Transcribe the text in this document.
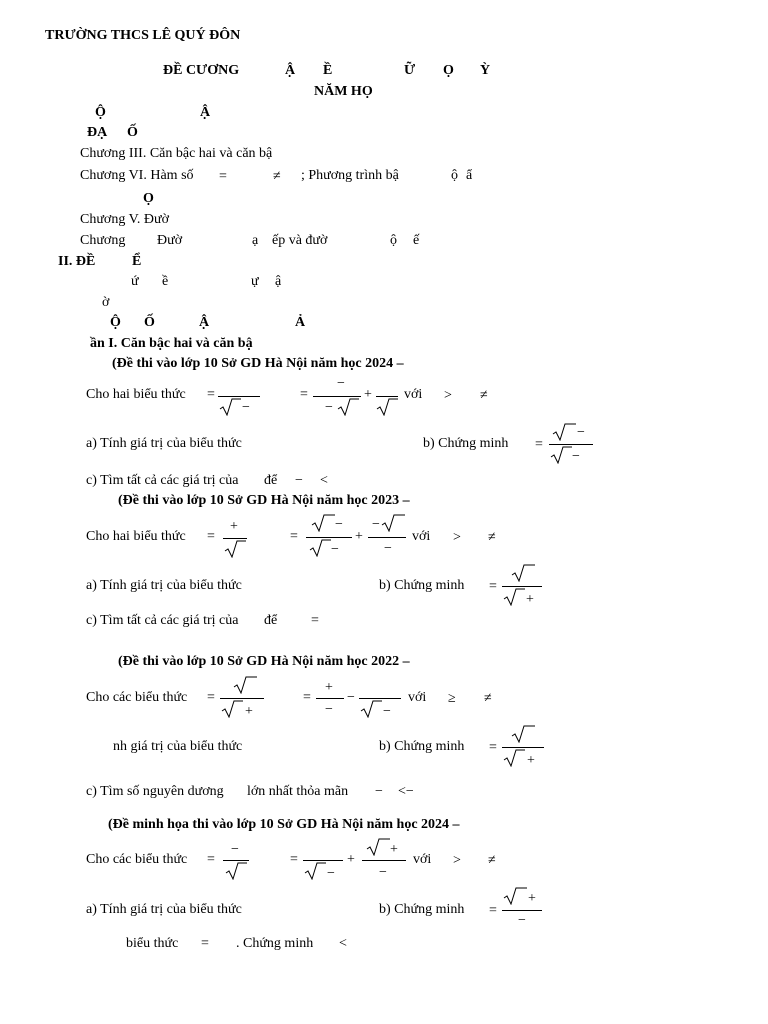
TRƯỜNG THCS LÊ QUÝ ĐÔN
ĐỀ CƯƠNG	Ậ Ề	Ữ Ọ Ỳ
NĂM HỌ
Ộ	Ậ
ĐẠ Ố
Chương III. Căn bậc hai và căn bậ
Chương VI. Hàm số =	≠ ; Phương trình bậ	ộ ẩ
Ọ
Chương V. Đườ
Chương Đườ	ạ ếp và đườ	ộ ế
II. ĐỀ	Ể
ứ ề	ự ậ
ờ
Ộ Ố	Ậ	Ả
ần I. Căn bậc hai và căn bậ
(Đề thi vào lớp 10 Sở GD Hà Nội năm học 2024 –
Cho hai biểu thức =
−
=
−
−
+ với > ≠
a) Tính giá trị của biểu thức	b) Chứng minh =
−
−
c) Tìm tất cả các giá trị của để − <
(Đề thi vào lớp 10 Sở GD Hà Nội năm học 2023 –
Cho hai biểu thức =
+
=
−
−
+
−
−
với > ≠
a) Tính giá trị của biểu thức	b) Chứng minh =
+
c) Tìm tất cả các giá trị của để =
(Đề thi vào lớp 10 Sở GD Hà Nội năm học 2022 –
Cho các biểu thức =
+
=
+
−
−
−
với ≥ ≠
nh giá trị của biểu thức	b) Chứng minh =
+
c) Tìm số nguyên dương lớn nhất thỏa mãn − <−
(Đề minh họa thi vào lớp 10 Sở GD Hà Nội năm học 2024 –
Cho các biểu thức =
−
=
−
+
+
−
với > ≠
a) Tính giá trị của biểu thức	b) Chứng minh =
+
−
biểu thức = . Chứng minh <
